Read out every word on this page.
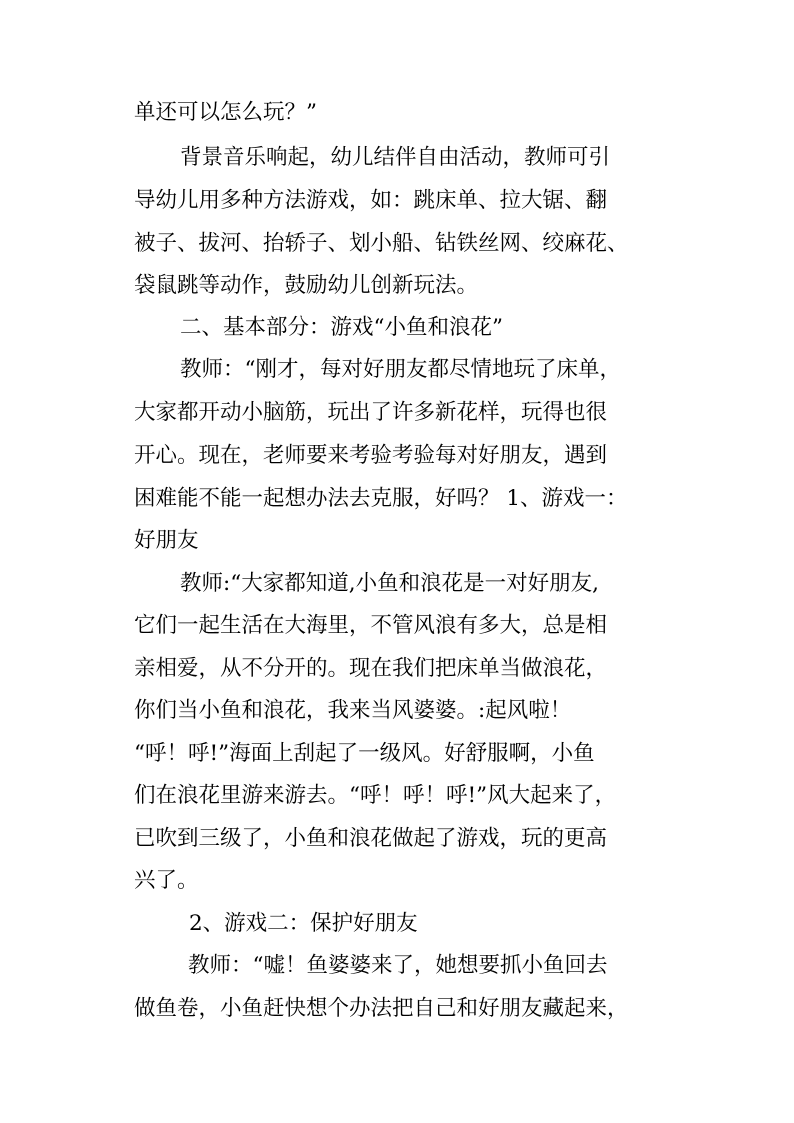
单还可以怎么玩？”
背景音乐响起，幼儿结伴自由活动，教师可引
导幼儿用多种方法游戏，如：跳床单、拉大锯、翻
被子、拔河、抬轿子、划小船、钻铁丝网、绞麻花、
袋鼠跳等动作，鼓励幼儿创新玩法。
二、基本部分：游戏“小鱼和浪花”
教师：“刚才，每对好朋友都尽情地玩了床单，
大家都开动小脑筋，玩出了许多新花样，玩得也很
开心。现在，老师要来考验考验每对好朋友，遇到
困难能不能一起想办法去克服，好吗？ 1、游戏一：
好朋友
教师:“大家都知道,小鱼和浪花是一对好朋友,
它们一起生活在大海里，不管风浪有多大，总是相
亲相爱，从不分开的。现在我们把床单当做浪花，
你们当小鱼和浪花，我来当风婆婆。:起风啦！
“呼！呼!”海面上刮起了一级风。好舒服啊，小鱼
们在浪花里游来游去。“呼！呼！呼!”风大起来了，
已吹到三级了，小鱼和浪花做起了游戏，玩的更高
兴了。
2、游戏二：保护好朋友
教师：“嘘！鱼婆婆来了，她想要抓小鱼回去
做鱼卷，小鱼赶快想个办法把自己和好朋友藏起来，
